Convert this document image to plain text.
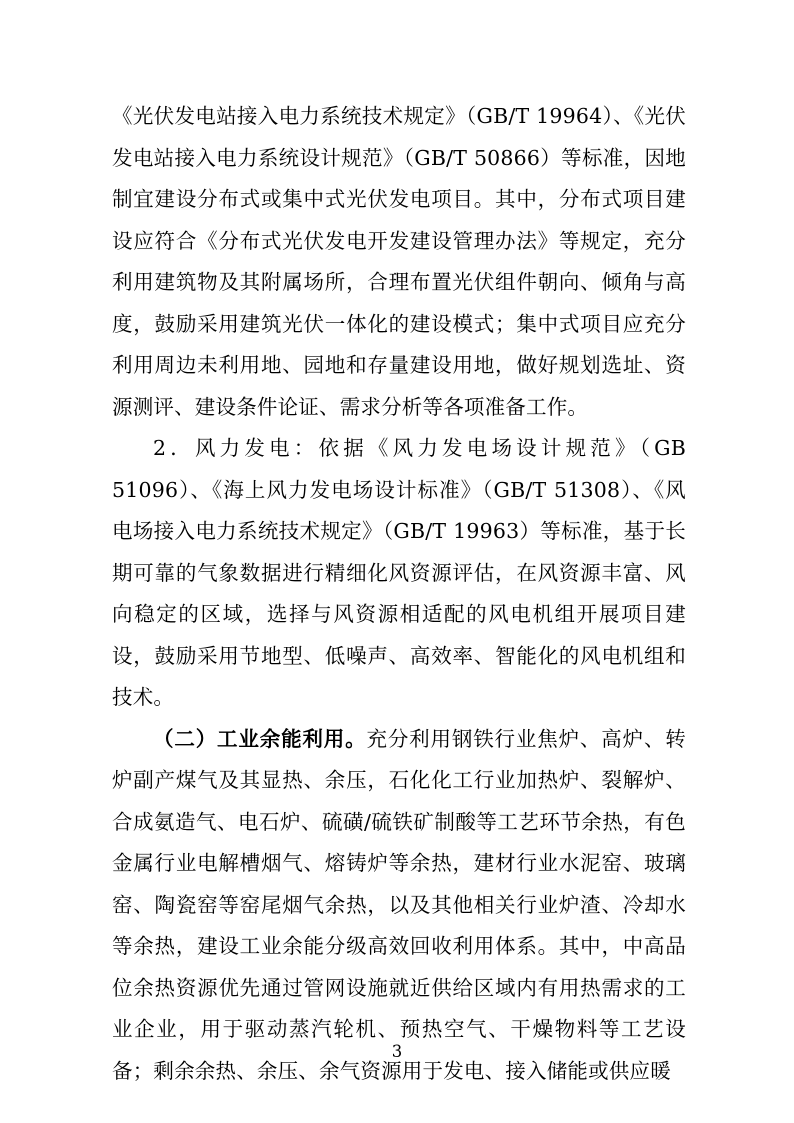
《光伏发电站接入电力系统技术规定》（GB/T 19964）、《光伏发电站接入电力系统设计规范》（GB/T 50866）等标准，因地制宜建设分布式或集中式光伏发电项目。其中，分布式项目建设应符合《分布式光伏发电开发建设管理办法》等规定，充分利用建筑物及其附属场所，合理布置光伏组件朝向、倾角与高度，鼓励采用建筑光伏一体化的建设模式；集中式项目应充分利用周边未利用地、园地和存量建设用地，做好规划选址、资源测评、建设条件论证、需求分析等各项准备工作。

2．风力发电：依据《风力发电场设计规范》（GB 51096）、《海上风力发电场设计标准》（GB/T 51308）、《风电场接入电力系统技术规定》（GB/T 19963）等标准，基于长期可靠的气象数据进行精细化风资源评估，在风资源丰富、风向稳定的区域，选择与风资源相适配的风电机组开展项目建设，鼓励采用节地型、低噪声、高效率、智能化的风电机组和技术。

（二）工业余能利用。充分利用钢铁行业焦炉、高炉、转炉副产煤气及其显热、余压，石化化工行业加热炉、裂解炉、合成氨造气、电石炉、硫磺/硫铁矿制酸等工艺环节余热，有色金属行业电解槽烟气、熔铸炉等余热，建材行业水泥窑、玻璃窑、陶瓷窑等窑尾烟气余热，以及其他相关行业炉渣、冷却水等余热，建设工业余能分级高效回收利用体系。其中，中高品位余热资源优先通过管网设施就近供给区域内有用热需求的工业企业，用于驱动蒸汽轮机、预热空气、干燥物料等工艺设备；剩余余热、余压、余气资源用于发电、接入储能或供应暖

3
